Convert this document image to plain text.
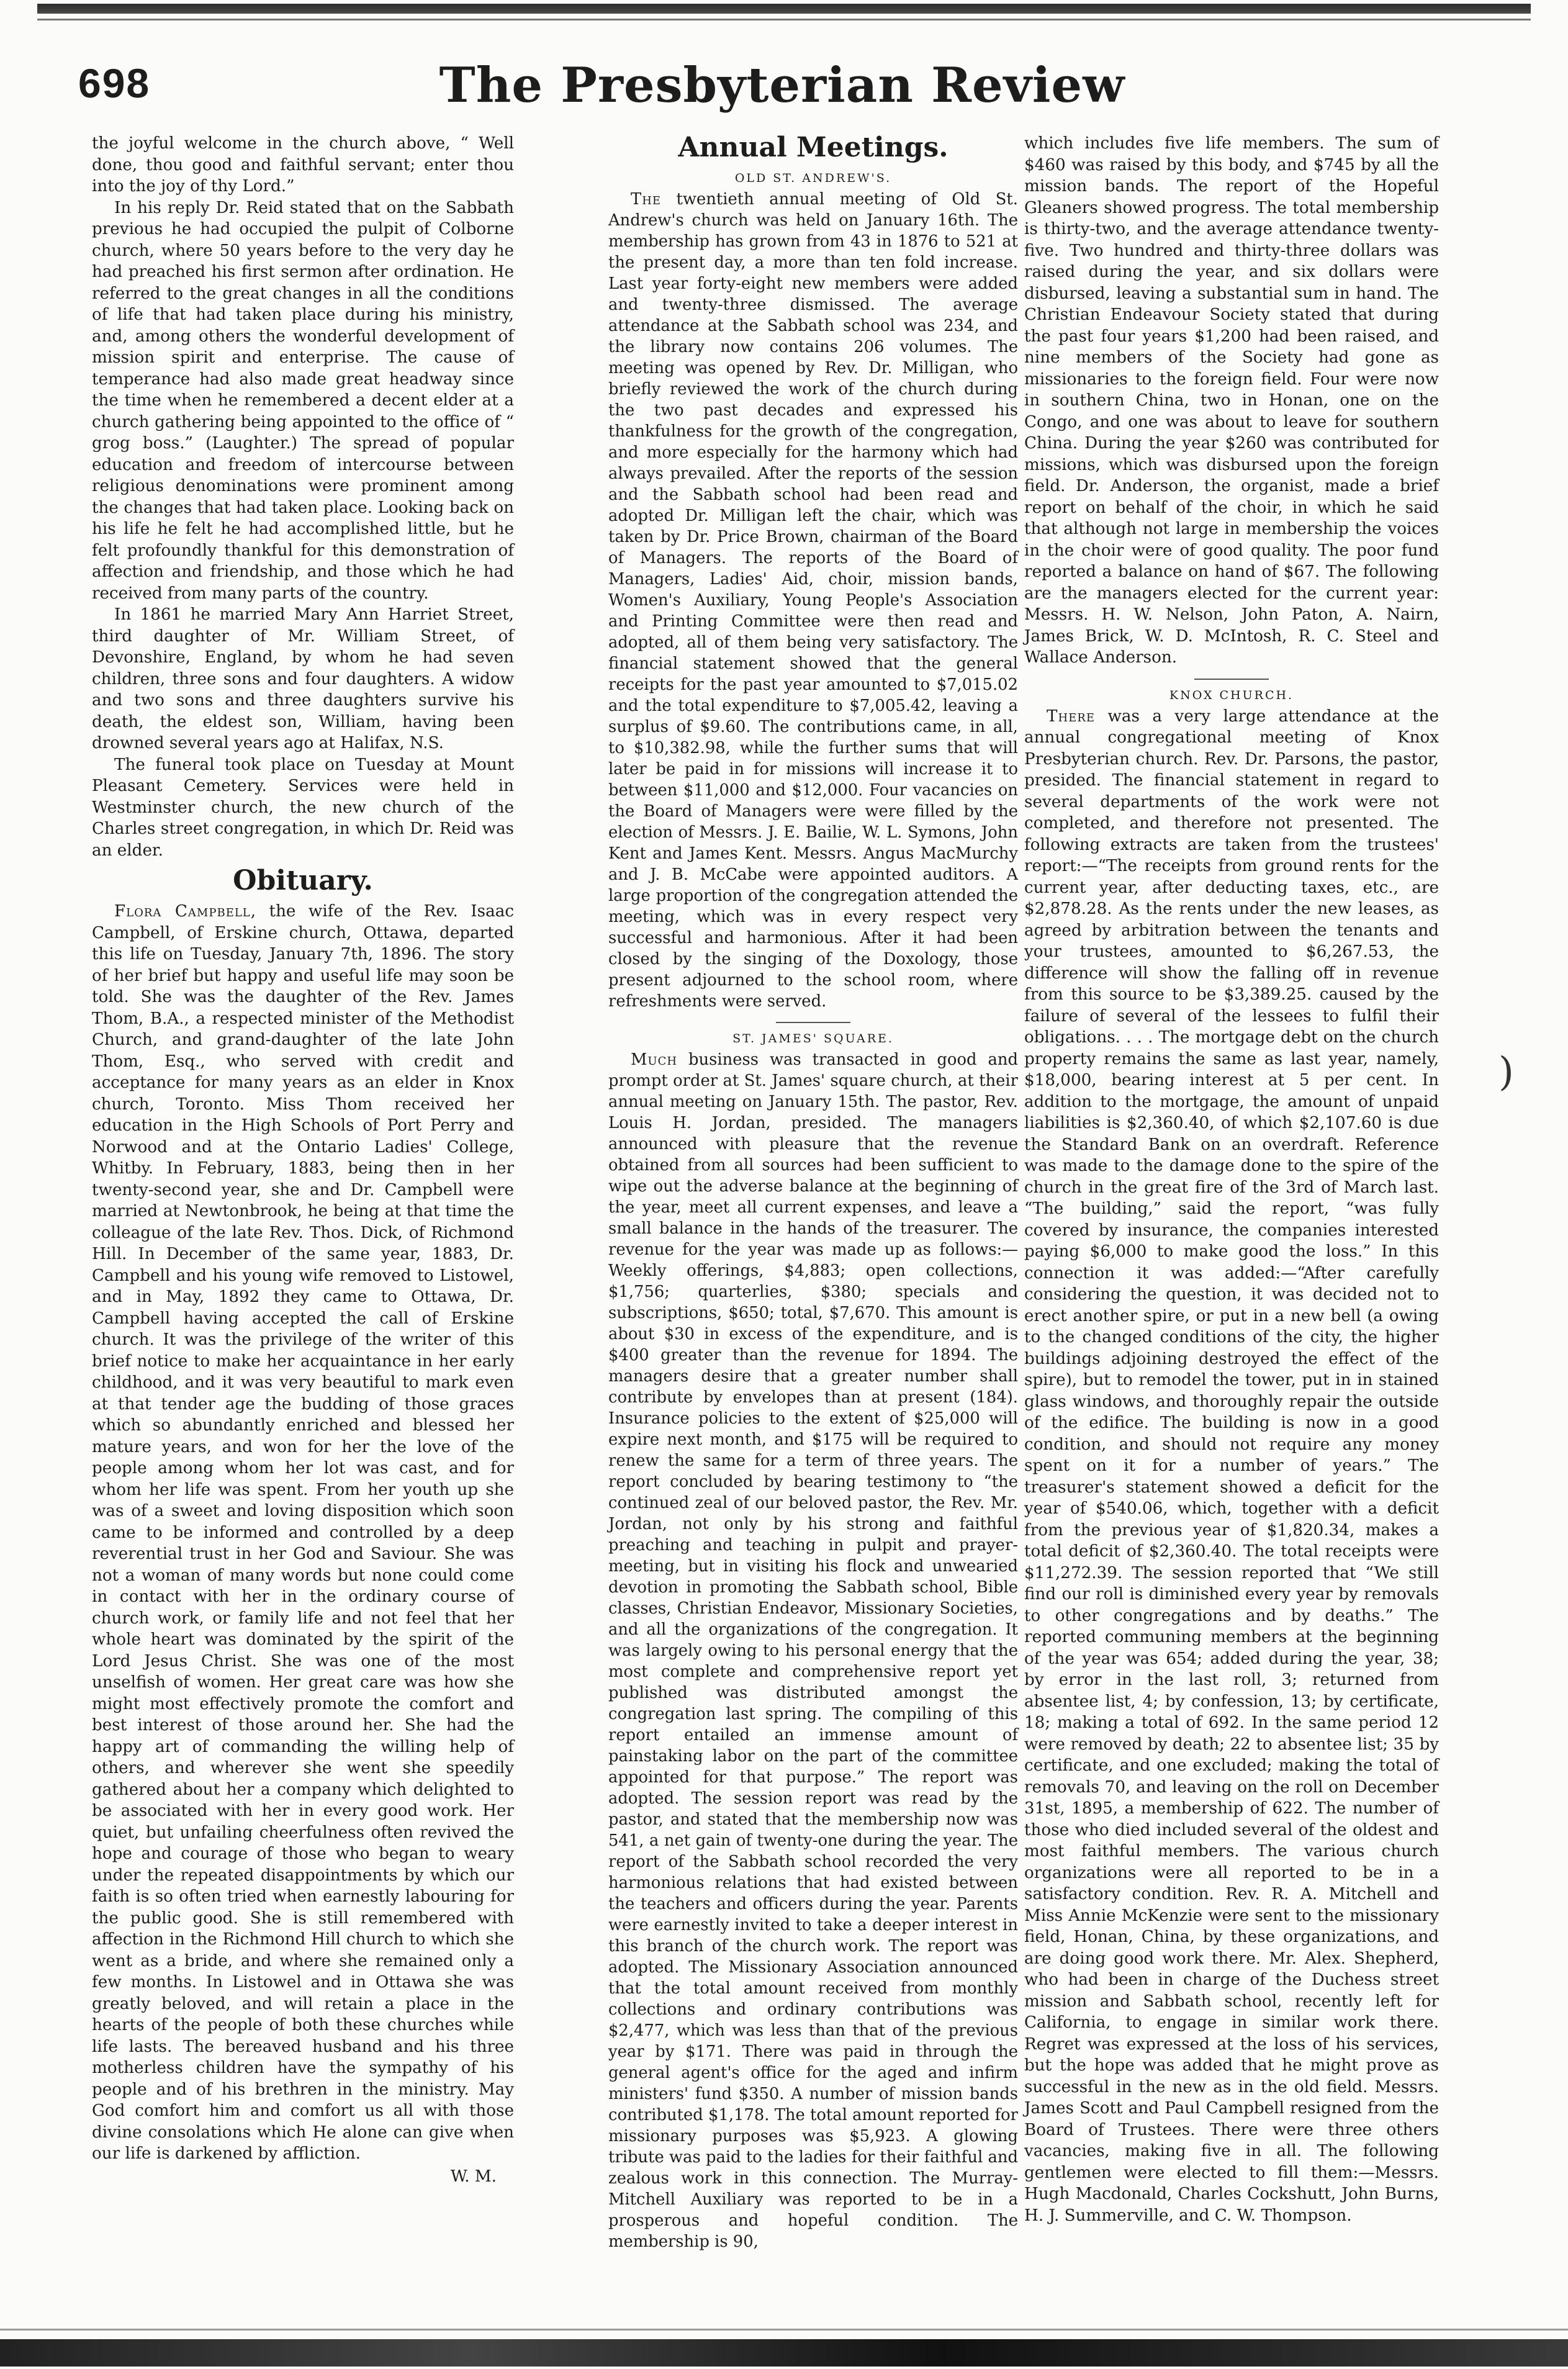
698	The Presbyterian Review

the joyful welcome in the church above, “ Well done, thou good and faithful servant; enter thou into the joy of thy Lord.”

In his reply Dr. Reid stated that on the Sabbath previous he had occupied the pulpit of Colborne church, where 50 years before to the very day he had preached his first sermon after ordination. He referred to the great changes in all the conditions of life that had taken place during his ministry, and, among others the wonderful development of mission spirit and enterprise. The cause of temperance had also made great headway since the time when he remembered a decent elder at a church gathering being appointed to the office of “ grog boss.” (Laughter.) The spread of popular education and freedom of intercourse between religious denominations were prominent among the changes that had taken place. Looking back on his life he felt he had accomplished little, but he felt profoundly thankful for this demonstration of affection and friendship, and those which he had received from many parts of the country.

In 1861 he married Mary Ann Harriet Street, third daughter of Mr. William Street, of Devonshire, England, by whom he had seven children, three sons and four daughters. A widow and two sons and three daughters survive his death, the eldest son, William, having been drowned several years ago at Halifax, N.S.

The funeral took place on Tuesday at Mount Pleasant Cemetery. Services were held in Westminster church, the new church of the Charles street congregation, in which Dr. Reid was an elder.

Obituary.

Flora Campbell, the wife of the Rev. Isaac Campbell, of Erskine church, Ottawa, departed this life on Tuesday, January 7th, 1896. The story of her brief but happy and useful life may soon be told. She was the daughter of the Rev. James Thom, B.A., a respected minister of the Methodist Church, and grand-daughter of the late John Thom, Esq., who served with credit and acceptance for many years as an elder in Knox church, Toronto. Miss Thom received her education in the High Schools of Port Perry and Norwood and at the Ontario Ladies' College, Whitby. In February, 1883, being then in her twenty-second year, she and Dr. Campbell were married at Newtonbrook, he being at that time the colleague of the late Rev. Thos. Dick, of Richmond Hill. In December of the same year, 1883, Dr. Campbell and his young wife removed to Listowel, and in May, 1892 they came to Ottawa, Dr. Campbell having accepted the call of Erskine church. It was the privilege of the writer of this brief notice to make her acquaintance in her early childhood, and it was very beautiful to mark even at that tender age the budding of those graces which so abundantly enriched and blessed her mature years, and won for her the love of the people among whom her lot was cast, and for whom her life was spent. From her youth up she was of a sweet and loving disposition which soon came to be informed and controlled by a deep reverential trust in her God and Saviour. She was not a woman of many words but none could come in contact with her in the ordinary course of church work, or family life and not feel that her whole heart was dominated by the spirit of the Lord Jesus Christ. She was one of the most unselfish of women. Her great care was how she might most effectively promote the comfort and best interest of those around her. She had the happy art of commanding the willing help of others, and wherever she went she speedily gathered about her a company which delighted to be associated with her in every good work. Her quiet, but unfailing cheerfulness often revived the hope and courage of those who began to weary under the repeated disappointments by which our faith is so often tried when earnestly labouring for the public good. She is still remembered with affection in the Richmond Hill church to which she went as a bride, and where she remained only a few months. In Listowel and in Ottawa she was greatly beloved, and will retain a place in the hearts of the people of both these churches while life lasts. The bereaved husband and his three motherless children have the sympathy of his people and of his brethren in the ministry. May God comfort him and comfort us all with those divine consolations which He alone can give when our life is darkened by affliction.

W. M.
Annual Meetings.
OLD ST. ANDREW'S.

The twentieth annual meeting of Old St. Andrew's church was held on January 16th. The membership has grown from 43 in 1876 to 521 at the present day, a more than ten fold increase. Last year forty-eight new members were added and twenty-three dismissed. The average attendance at the Sabbath school was 234, and the library now contains 206 volumes. The meeting was opened by Rev. Dr. Milligan, who briefly reviewed the work of the church during the two past decades and expressed his thankfulness for the growth of the congregation, and more especially for the harmony which had always prevailed. After the reports of the session and the Sabbath school had been read and adopted Dr. Milligan left the chair, which was taken by Dr. Price Brown, chairman of the Board of Managers. The reports of the Board of Managers, Ladies' Aid, choir, mission bands, Women's Auxiliary, Young People's Association and Printing Committee were then read and adopted, all of them being very satisfactory. The financial statement showed that the general receipts for the past year amounted to $7,015.02 and the total expenditure to $7,005.42, leaving a surplus of $9.60. The contributions came, in all, to $10,382.98, while the further sums that will later be paid in for missions will increase it to between $11,000 and $12,000. Four vacancies on the Board of Managers were were filled by the election of Messrs. J. E. Bailie, W. L. Symons, John Kent and James Kent. Messrs. Angus MacMurchy and J. B. McCabe were appointed auditors. A large proportion of the congregation attended the meeting, which was in every respect very successful and harmonious. After it had been closed by the singing of the Doxology, those present adjourned to the school room, where refreshments were served.

ST. JAMES' SQUARE.

Much business was transacted in good and prompt order at St. James' square church, at their annual meeting on January 15th. The pastor, Rev. Louis H. Jordan, presided. The managers announced with pleasure that the revenue obtained from all sources had been sufficient to wipe out the adverse balance at the beginning of the year, meet all current expenses, and leave a small balance in the hands of the treasurer. The revenue for the year was made up as follows:—Weekly offerings, $4,883; open collections, $1,756; quarterlies, $380; specials and subscriptions, $650; total, $7,670. This amount is about $30 in excess of the expenditure, and is $400 greater than the revenue for 1894. The managers desire that a greater number shall contribute by envelopes than at present (184). Insurance policies to the extent of $25,000 will expire next month, and $175 will be required to renew the same for a term of three years. The report concluded by bearing testimony to “the continued zeal of our beloved pastor, the Rev. Mr. Jordan, not only by his strong and faithful preaching and teaching in pulpit and prayer-meeting, but in visiting his flock and unwearied devotion in promoting the Sabbath school, Bible classes, Christian Endeavor, Missionary Societies, and all the organizations of the congregation. It was largely owing to his personal energy that the most complete and comprehensive report yet published was distributed amongst the congregation last spring. The compiling of this report entailed an immense amount of painstaking labor on the part of the committee appointed for that purpose.” The report was adopted. The session report was read by the pastor, and stated that the membership now was 541, a net gain of twenty-one during the year. The report of the Sabbath school recorded the very harmonious relations that had existed between the teachers and officers during the year. Parents were earnestly invited to take a deeper interest in this branch of the church work. The report was adopted. The Missionary Association announced that the total amount received from monthly collections and ordinary contributions was $2,477, which was less than that of the previous year by $171. There was paid in through the general agent's office for the aged and infirm ministers' fund $350. A number of mission bands contributed $1,178. The total amount reported for missionary purposes was $5,923. A glowing tribute was paid to the ladies for their faithful and zealous work in this connection. The Murray-Mitchell Auxiliary was reported to be in a prosperous and hopeful condition. The membership is 90,

which includes five life members. The sum of $460 was raised by this body, and $745 by all the mission bands. The report of the Hopeful Gleaners showed progress. The total membership is thirty-two, and the average attendance twenty-five. Two hundred and thirty-three dollars was raised during the year, and six dollars were disbursed, leaving a substantial sum in hand. The Christian Endeavour Society stated that during the past four years $1,200 had been raised, and nine members of the Society had gone as missionaries to the foreign field. Four were now in southern China, two in Honan, one on the Congo, and one was about to leave for southern China. During the year $260 was contributed for missions, which was disbursed upon the foreign field. Dr. Anderson, the organist, made a brief report on behalf of the choir, in which he said that although not large in membership the voices in the choir were of good quality. The poor fund reported a balance on hand of $67. The following are the managers elected for the current year: Messrs. H. W. Nelson, John Paton, A. Nairn, James Brick, W. D. McIntosh, R. C. Steel and Wallace Anderson.

KNOX CHURCH.

There was a very large attendance at the annual congregational meeting of Knox Presbyterian church. Rev. Dr. Parsons, the pastor, presided. The financial statement in regard to several departments of the work were not completed, and therefore not presented. The following extracts are taken from the trustees' report:—“The receipts from ground rents for the current year, after deducting taxes, etc., are $2,878.28. As the rents under the new leases, as agreed by arbitration between the tenants and your trustees, amounted to $6,267.53, the difference will show the falling off in revenue from this source to be $3,389.25. caused by the failure of several of the lessees to fulfil their obligations. . . . The mortgage debt on the church property remains the same as last year, namely, $18,000, bearing interest at 5 per cent. In addition to the mortgage, the amount of unpaid liabilities is $2,360.40, of which $2,107.60 is due the Standard Bank on an overdraft. Reference was made to the damage done to the spire of the church in the great fire of the 3rd of March last. “The building,” said the report, “was fully covered by insurance, the companies interested paying $6,000 to make good the loss.” In this connection it was added:—“After carefully considering the question, it was decided not to erect another spire, or put in a new bell (a owing to the changed conditions of the city, the higher buildings adjoining destroyed the effect of the spire), but to remodel the tower, put in in stained glass windows, and thoroughly repair the outside of the edifice. The building is now in a good condition, and should not require any money spent on it for a number of years.” The treasurer's statement showed a deficit for the year of $540.06, which, together with a deficit from the previous year of $1,820.34, makes a total deficit of $2,360.40. The total receipts were $11,272.39. The session reported that “We still find our roll is diminished every year by removals to other congregations and by deaths.” The reported communing members at the beginning of the year was 654; added during the year, 38; by error in the last roll, 3; returned from absentee list, 4; by confession, 13; by certificate, 18; making a total of 692. In the same period 12 were removed by death; 22 to absentee list; 35 by certificate, and one excluded; making the total of removals 70, and leaving on the roll on December 31st, 1895, a membership of 622. The number of those who died included several of the oldest and most faithful members. The various church organizations were all reported to be in a satisfactory condition. Rev. R. A. Mitchell and Miss Annie McKenzie were sent to the missionary field, Honan, China, by these organizations, and are doing good work there. Mr. Alex. Shepherd, who had been in charge of the Duchess street mission and Sabbath school, recently left for California, to engage in similar work there. Regret was expressed at the loss of his services, but the hope was added that he might prove as successful in the new as in the old field. Messrs. James Scott and Paul Campbell resigned from the Board of Trustees. There were three others vacancies, making five in all. The following gentlemen were elected to fill them:—Messrs. Hugh Macdonald, Charles Cockshutt, John Burns, H. J. Summerville, and C. W. Thompson.

)
